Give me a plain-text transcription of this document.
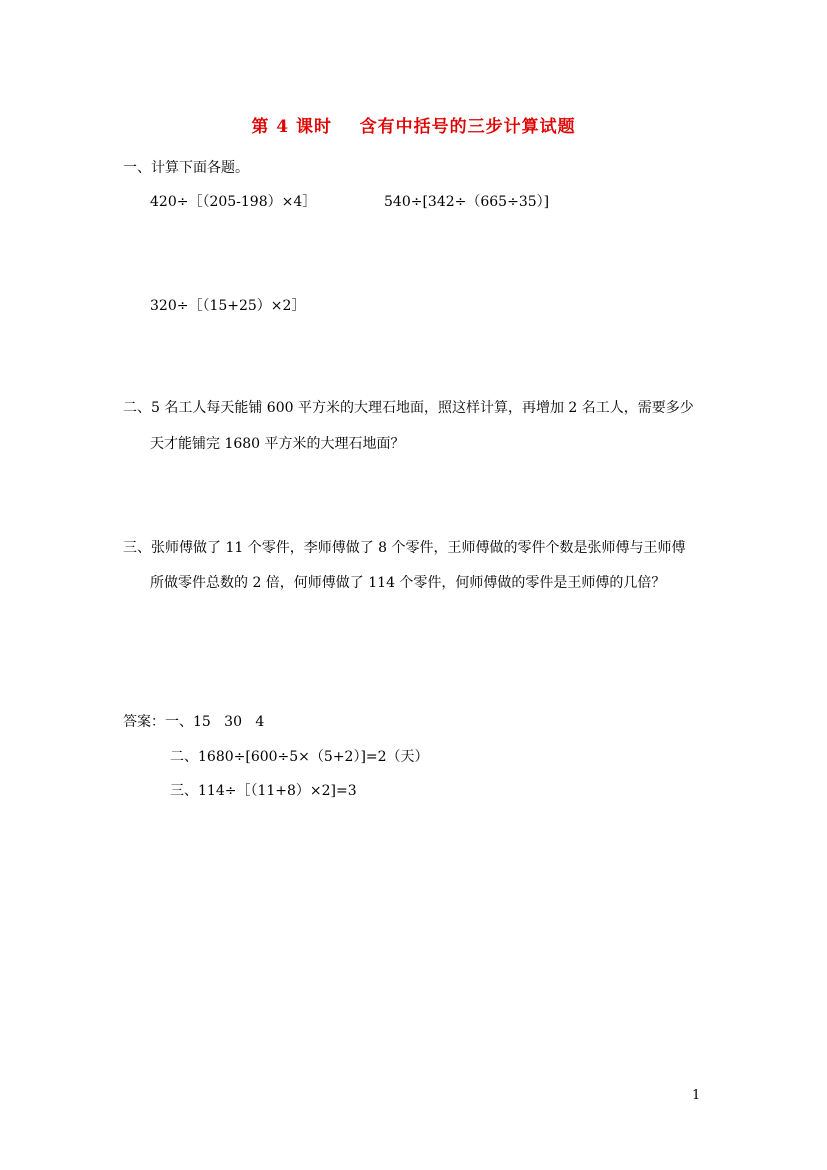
第 4 课时    含有中括号的三步计算试题
一、计算下面各题。
420÷［（205-198）×4］	540÷[342÷（665÷35）]
320÷［（15+25）×2］
二、5 名工人每天能铺 600 平方米的大理石地面，照这样计算，再增加 2 名工人，需要多少
天才能铺完 1680 平方米的大理石地面？
三、张师傅做了 11 个零件，李师傅做了 8 个零件，王师傅做的零件个数是张师傅与王师傅
所做零件总数的 2 倍，何师傅做了 114 个零件，何师傅做的零件是王师傅的几倍？
答案：一、15   30   4
二、1680÷[600÷5×（5+2）]=2（天）
三、114÷［（11+8）×2]=3
1
